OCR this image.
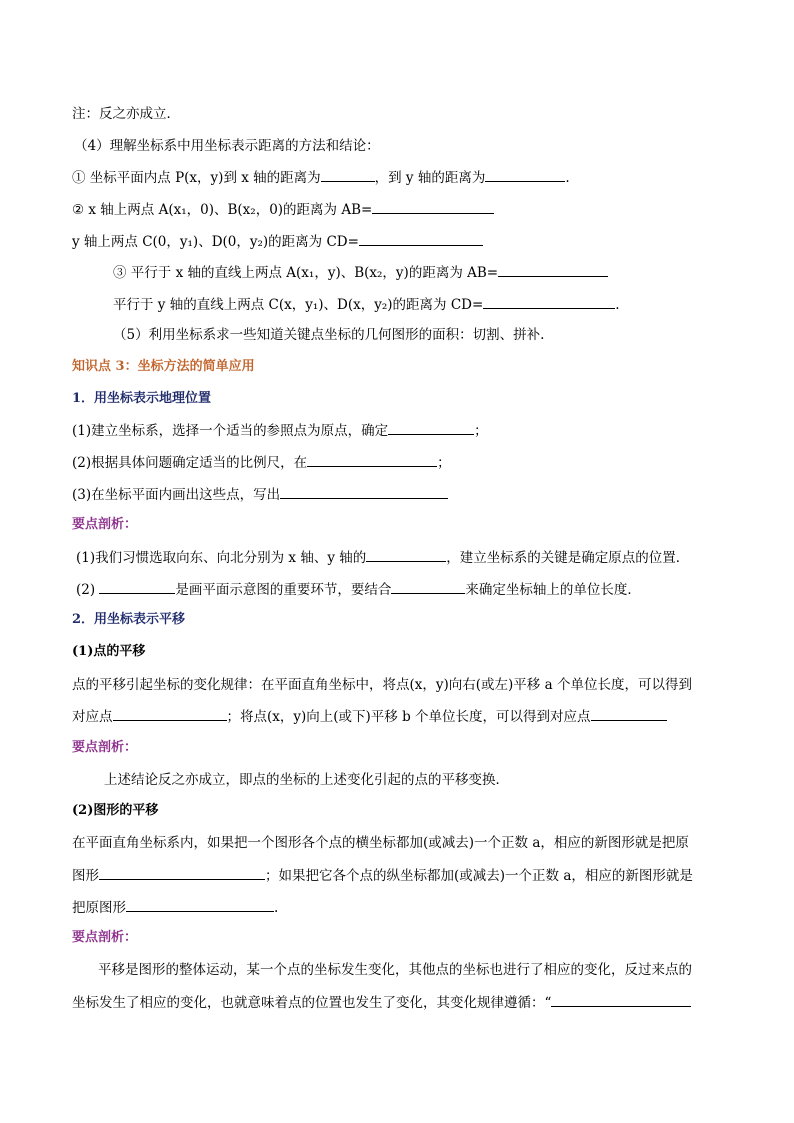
注：反之亦成立．
（4）理解坐标系中用坐标表示距离的方法和结论：
① 坐标平面内点 P(x，y)到 x 轴的距离为	，到 y 轴的距离为	.
② x 轴上两点 A(x₁，0)、B(x₂，0)的距离为 AB=
y 轴上两点 C(0，y₁)、D(0，y₂)的距离为 CD=
③ 平行于 x 轴的直线上两点 A(x₁，y)、B(x₂，y)的距离为 AB=
平行于 y 轴的直线上两点 C(x，y₁)、D(x，y₂)的距离为 CD=	.
（5）利用坐标系求一些知道关键点坐标的几何图形的面积：切割、拼补.
知识点 3：坐标方法的简单应用
1．用坐标表示地理位置
(1)建立坐标系，选择一个适当的参照点为原点，确定	；
(2)根据具体问题确定适当的比例尺，在	；
(3)在坐标平面内画出这些点，写出
要点剖析：
(1)我们习惯选取向东、向北分别为 x 轴、y 轴的	，建立坐标系的关键是确定原点的位置．
(2)	是画平面示意图的重要环节，要结合	来确定坐标轴上的单位长度．
2．用坐标表示平移
(1)点的平移
点的平移引起坐标的变化规律：在平面直角坐标中，将点(x，y)向右(或左)平移 a 个单位长度，可以得到
对应点	；将点(x，y)向上(或下)平移 b 个单位长度，可以得到对应点
要点剖析：
上述结论反之亦成立，即点的坐标的上述变化引起的点的平移变换．
(2)图形的平移
在平面直角坐标系内，如果把一个图形各个点的横坐标都加(或减去)一个正数 a，相应的新图形就是把原
图形	；如果把它各个点的纵坐标都加(或减去)一个正数 a，相应的新图形就是
把原图形	.
要点剖析：
平移是图形的整体运动，某一个点的坐标发生变化，其他点的坐标也进行了相应的变化，反过来点的
坐标发生了相应的变化，也就意味着点的位置也发生了变化，其变化规律遵循：“
